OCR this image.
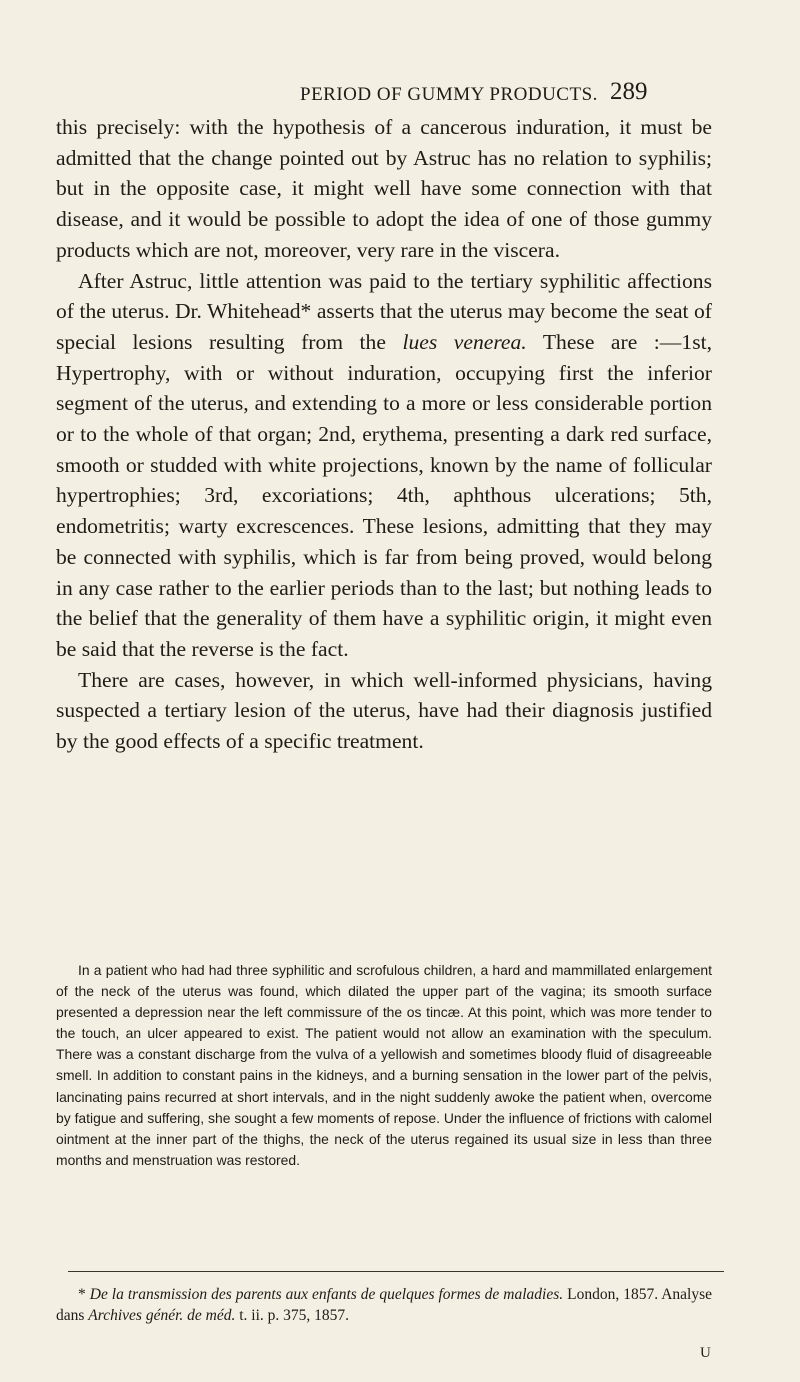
PERIOD OF GUMMY PRODUCTS. 289

this precisely: with the hypothesis of a cancerous induration, it must be admitted that the change pointed out by Astruc has no relation to syphilis; but in the opposite case, it might well have some connection with that disease, and it would be possible to adopt the idea of one of those gummy products which are not, moreover, very rare in the viscera.

After Astruc, little attention was paid to the tertiary syphilitic affections of the uterus. Dr. Whitehead* asserts that the uterus may become the seat of special lesions resulting from the lues venerea. These are :—1st, Hypertrophy, with or without induration, occupying first the inferior segment of the uterus, and extending to a more or less considerable portion or to the whole of that organ; 2nd, erythema, presenting a dark red surface, smooth or studded with white projections, known by the name of follicular hypertrophies; 3rd, excoriations; 4th, aphthous ulcerations; 5th, endometritis; warty excrescences. These lesions, admitting that they may be connected with syphilis, which is far from being proved, would belong in any case rather to the earlier periods than to the last; but nothing leads to the belief that the generality of them have a syphilitic origin, it might even be said that the reverse is the fact.

There are cases, however, in which well-informed physicians, having suspected a tertiary lesion of the uterus, have had their diagnosis justified by the good effects of a specific treatment.

In a patient who had had three syphilitic and scrofulous children, a hard and mammillated enlargement of the neck of the uterus was found, which dilated the upper part of the vagina; its smooth surface presented a depression near the left commissure of the os tincæ. At this point, which was more tender to the touch, an ulcer appeared to exist. The patient would not allow an examination with the speculum. There was a constant discharge from the vulva of a yellowish and sometimes bloody fluid of disagreeable smell. In addition to constant pains in the kidneys, and a burning sensation in the lower part of the pelvis, lancinating pains recurred at short intervals, and in the night suddenly awoke the patient when, overcome by fatigue and suffering, she sought a few moments of repose. Under the influence of frictions with calomel ointment at the inner part of the thighs, the neck of the uterus regained its usual size in less than three months and menstruation was restored.

* De la transmission des parents aux enfants de quelques formes de maladies. London, 1857. Analyse dans Archives génér. de méd. t. ii. p. 375, 1857.

U
